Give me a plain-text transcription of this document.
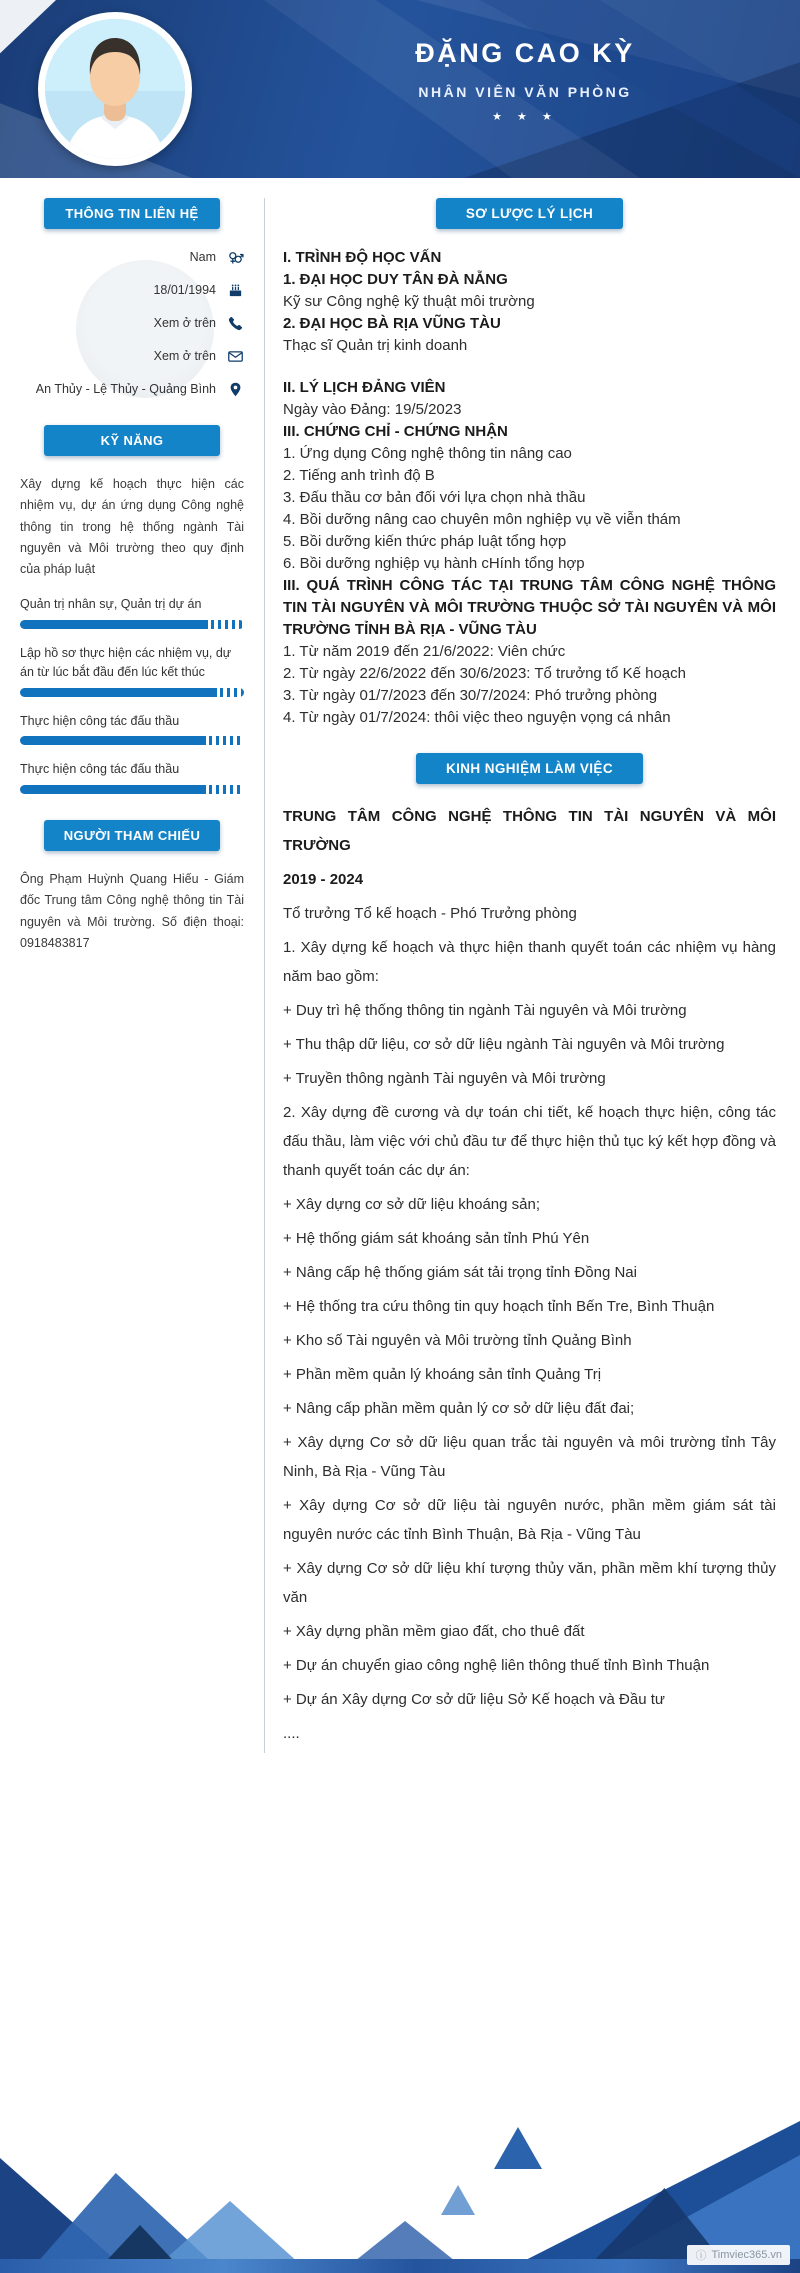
ĐẶNG CAO KỲ
NHÂN VIÊN VĂN PHÒNG
★ ★ ★
THÔNG TIN LIÊN HỆ
Nam
18/01/1994
Xem ở trên
Xem ở trên
An Thủy - Lệ Thủy - Quảng Bình
KỸ NĂNG

Xây dựng kế hoạch thực hiện các nhiệm vụ, dự án ứng dụng Công nghệ thông tin trong hệ thống ngành Tài nguyên và Môi trường theo quy định của pháp luật

Quản trị nhân sự, Quản trị dự án
Lập hồ sơ thực hiện các nhiệm vụ, dự án từ lúc bắt đầu đến lúc kết thúc
Thực hiện công tác đấu thầu
Thực hiện công tác đấu thầu
NGƯỜI THAM CHIẾU

Ông Phạm Huỳnh Quang Hiếu - Giám đốc Trung tâm Công nghệ thông tin Tài nguyên và Môi trường. Số điện thoại: 0918483817

SƠ LƯỢC LÝ LỊCH

I. TRÌNH ĐỘ HỌC VẤN

1. ĐẠI HỌC DUY TÂN ĐÀ NẴNG

Kỹ sư Công nghệ kỹ thuật môi trường

2. ĐẠI HỌC BÀ RỊA VŨNG TÀU

Thạc sĩ Quản trị kinh doanh

II. LÝ LỊCH ĐẢNG VIÊN

Ngày vào Đảng: 19/5/2023

III. CHỨNG CHỈ - CHỨNG NHẬN

1. Ứng dụng Công nghệ thông tin nâng cao

2. Tiếng anh trình độ B

3. Đấu thầu cơ bản đối với lựa chọn nhà thầu

4. Bồi dưỡng nâng cao chuyên môn nghiệp vụ về viễn thám

5. Bồi dưỡng kiến thức pháp luật tổng hợp

6. Bồi dưỡng nghiệp vụ hành cHính tổng hợp

III. QUÁ TRÌNH CÔNG TÁC TẠI TRUNG TÂM CÔNG NGHỆ THÔNG TIN TÀI NGUYÊN VÀ MÔI TRƯỜNG THUỘC SỞ TÀI NGUYÊN VÀ MÔI TRƯỜNG TỈNH BÀ RỊA - VŨNG TÀU

1. Từ năm 2019 đến 21/6/2022: Viên chức

2. Từ ngày 22/6/2022 đến 30/6/2023: Tổ trưởng tổ Kế hoạch

3. Từ ngày 01/7/2023 đến 30/7/2024: Phó trưởng phòng

4. Từ ngày 01/7/2024: thôi việc theo nguyện vọng cá nhân

KINH NGHIỆM LÀM VIỆC

TRUNG TÂM CÔNG NGHỆ THÔNG TIN TÀI NGUYÊN VÀ MÔI TRƯỜNG

2019 - 2024

Tổ trưởng Tổ kế hoạch - Phó Trưởng phòng

1. Xây dựng kế hoạch và thực hiện thanh quyết toán các nhiệm vụ hàng năm bao gồm:

+ Duy trì hệ thống thông tin ngành Tài nguyên và Môi trường

+ Thu thập dữ liệu, cơ sở dữ liệu ngành Tài nguyên và Môi trường

+ Truyền thông ngành Tài nguyên và Môi trường

2. Xây dựng đề cương và dự toán chi tiết, kế hoạch thực hiện, công tác đấu thầu, làm việc với chủ đầu tư để thực hiện thủ tục ký kết hợp đồng và thanh quyết toán các dự án:

+ Xây dựng cơ sở dữ liệu khoáng sản;

+ Hệ thống giám sát khoáng sản tỉnh Phú Yên

+ Nâng cấp hệ thống giám sát tải trọng tỉnh Đồng Nai

+ Hệ thống tra cứu thông tin quy hoạch tỉnh Bến Tre, Bình Thuận

+ Kho số Tài nguyên và Môi trường tỉnh Quảng Bình

+ Phần mềm quản lý khoáng sản tỉnh Quảng Trị

+ Nâng cấp phần mềm quản lý cơ sở dữ liệu đất đai;

+ Xây dựng Cơ sở dữ liệu quan trắc tài nguyên và môi trường tỉnh Tây Ninh, Bà Rịa - Vũng Tàu

+ Xây dựng Cơ sở dữ liệu tài nguyên nước, phần mềm giám sát tài nguyên nước các tỉnh Bình Thuận, Bà Rịa - Vũng Tàu

+ Xây dựng Cơ sở dữ liệu khí tượng thủy văn, phần mềm khí tượng thủy văn

+ Xây dựng phần mềm giao đất, cho thuê đất

+ Dự án chuyển giao công nghệ liên thông thuế tỉnh Bình Thuận

+ Dự án Xây dựng Cơ sở dữ liệu Sở Kế hoạch và Đầu tư

....

ⓘ Timviec365.vn
